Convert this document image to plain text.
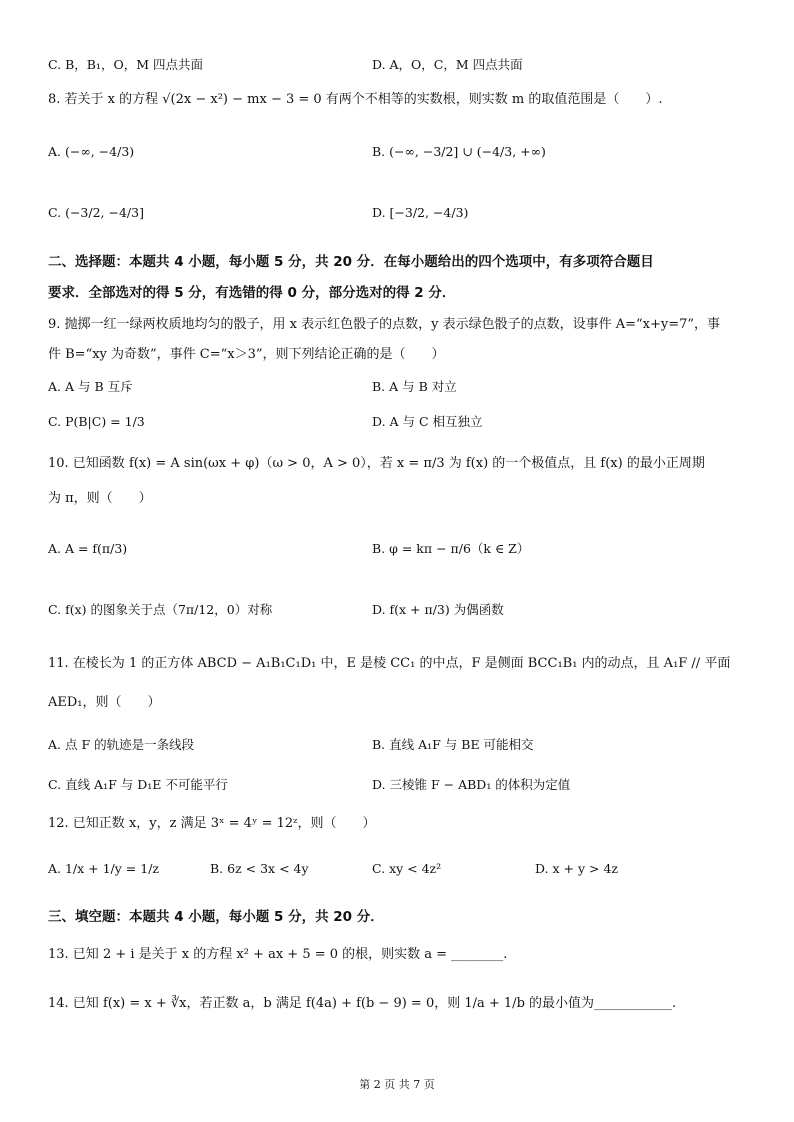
C. B，B₁，O，M 四点共面	D. A，O，C，M 四点共面
8. 若关于 x 的方程 √(2x − x²) − mx − 3 = 0 有两个不相等的实数根，则实数 m 的取值范围是（　　）.
A. (−∞, −4/3)	B. (−∞, −3/2] ∪ (−4/3, +∞)
C. (−3/2, −4/3]	D. [−3/2, −4/3)
二、选择题：本题共 4 小题，每小题 5 分，共 20 分．在每小题给出的四个选项中，有多项符合题目
要求．全部选对的得 5 分，有选错的得 0 分，部分选对的得 2 分．
9. 抛掷一红一绿两枚质地均匀的骰子，用 x 表示红色骰子的点数，y 表示绿色骰子的点数，设事件 A=“x+y=7”，事
件 B=“xy 为奇数”，事件 C=“x＞3”，则下列结论正确的是（　　）
A. A 与 B 互斥	B. A 与 B 对立
C. P(B|C) = 1/3	D. A 与 C 相互独立
10. 已知函数 f(x) = A sin(ωx + φ)（ω > 0，A > 0），若 x = π/3 为 f(x) 的一个极值点，且 f(x) 的最小正周期
为 π，则（　　）
A. A = f(π/3)	B. φ = kπ − π/6（k ∈ Z）
C. f(x) 的图象关于点（7π/12，0）对称	D. f(x + π/3) 为偶函数
11. 在棱长为 1 的正方体 ABCD − A₁B₁C₁D₁ 中，E 是棱 CC₁ 的中点，F 是侧面 BCC₁B₁ 内的动点，且 A₁F // 平面
AED₁，则（　　）
A. 点 F 的轨迹是一条线段	B. 直线 A₁F 与 BE 可能相交
C. 直线 A₁F 与 D₁E 不可能平行	D. 三棱锥 F − ABD₁ 的体积为定值
12. 已知正数 x，y，z 满足 3ˣ = 4ʸ = 12ᶻ，则（　　）
A. 1/x + 1/y = 1/z	B. 6z < 3x < 4y	C. xy < 4z²	D. x + y > 4z
三、填空题：本题共 4 小题，每小题 5 分，共 20 分．
13. 已知 2 + i 是关于 x 的方程 x² + ax + 5 = 0 的根，则实数 a = ________.
14. 已知 f(x) = x + ∛x，若正数 a，b 满足 f(4a) + f(b − 9) = 0，则 1/a + 1/b 的最小值为____________.
第 2 页 共 7 页
